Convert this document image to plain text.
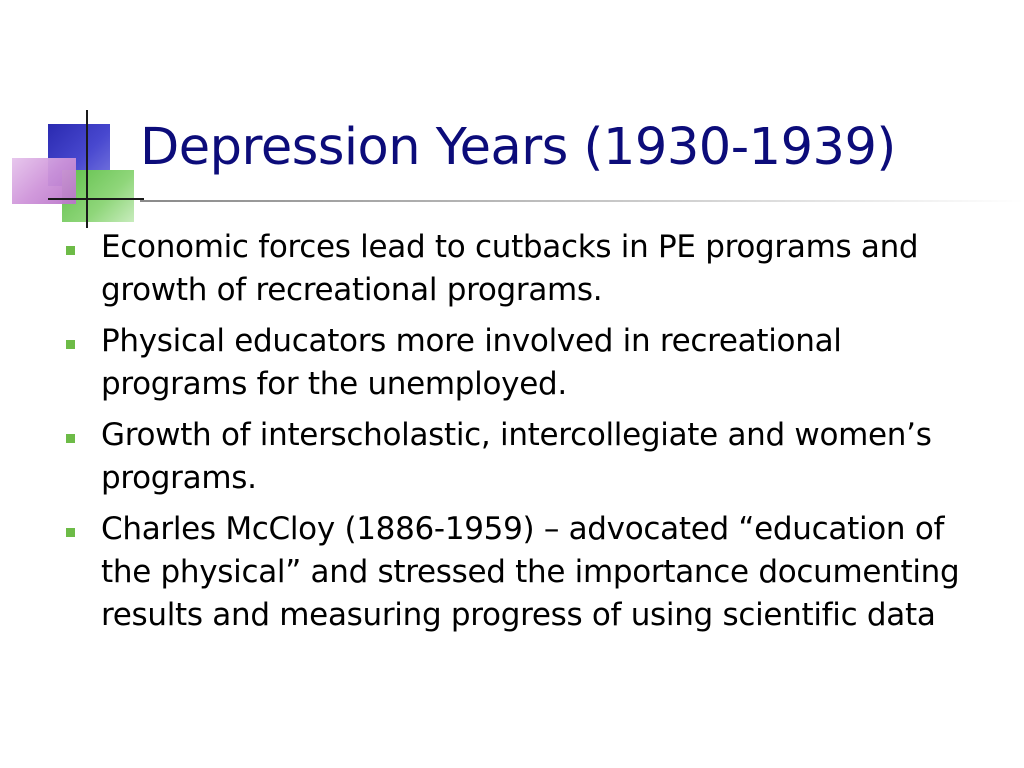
Depression Years (1930-1939)
Economic forces lead to cutbacks in PE programs and growth of recreational programs.
Physical educators more involved in recreational programs for the unemployed.
Growth of interscholastic, intercollegiate and women’s programs.
Charles McCloy (1886-1959) – advocated “education of the physical” and stressed the importance documenting results and measuring progress of using scientific data
